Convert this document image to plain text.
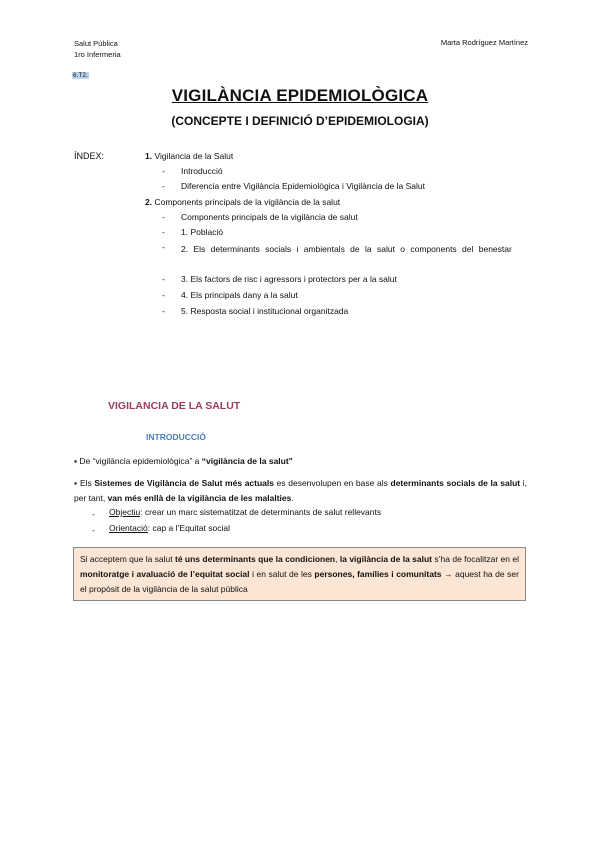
Salut Pública
1ro Infermeria
Marta Rodríguez Martínez
6.T2.
VIGILÀNCIA EPIDEMIOLÒGICA
(CONCEPTE I DEFINICIÓ D’EPIDEMIOLOGIA)
ÍNDEX:	1. Vigilancia de la Salut
- Introducció
- Diferencia entre Vigilància Epidemiològica i Vigilància de la Salut
2. Components principals de la vigilància de la salut
- Components principals de la vigilància de salut
- 1. Població
- 2. Els determinants socials i ambientals de la salut o components del benestar
- 3. Els factors de risc i agressors i protectors per a la salut
- 4. Els principals dany a la salut
- 5. Resposta social i institucional organitzada
VIGILANCIA DE LA SALUT
INTRODUCCIÓ
▪ De “vigilància epidemiològica” a “vigilància de la salut”
▪ Els Sistemes de Vigilància de Salut més actuals es desenvolupen en base als determinants socials de la salut i, per tant, van més enllà de la vigilància de les malalties.
- Objectiu: crear un marc sistematitzat de determinants de salut rellevants
- Orientació: cap a l’Equitat social
Si acceptem que la salut té uns determinants que la condicionen, la vigilància de la salut s’ha de focalitzar en el monitoratge i avaluació de l’equitat social i en salut de les persones, famílies i comunitats → aquest ha de ser el propòsit de la vigilància de la salut pública
